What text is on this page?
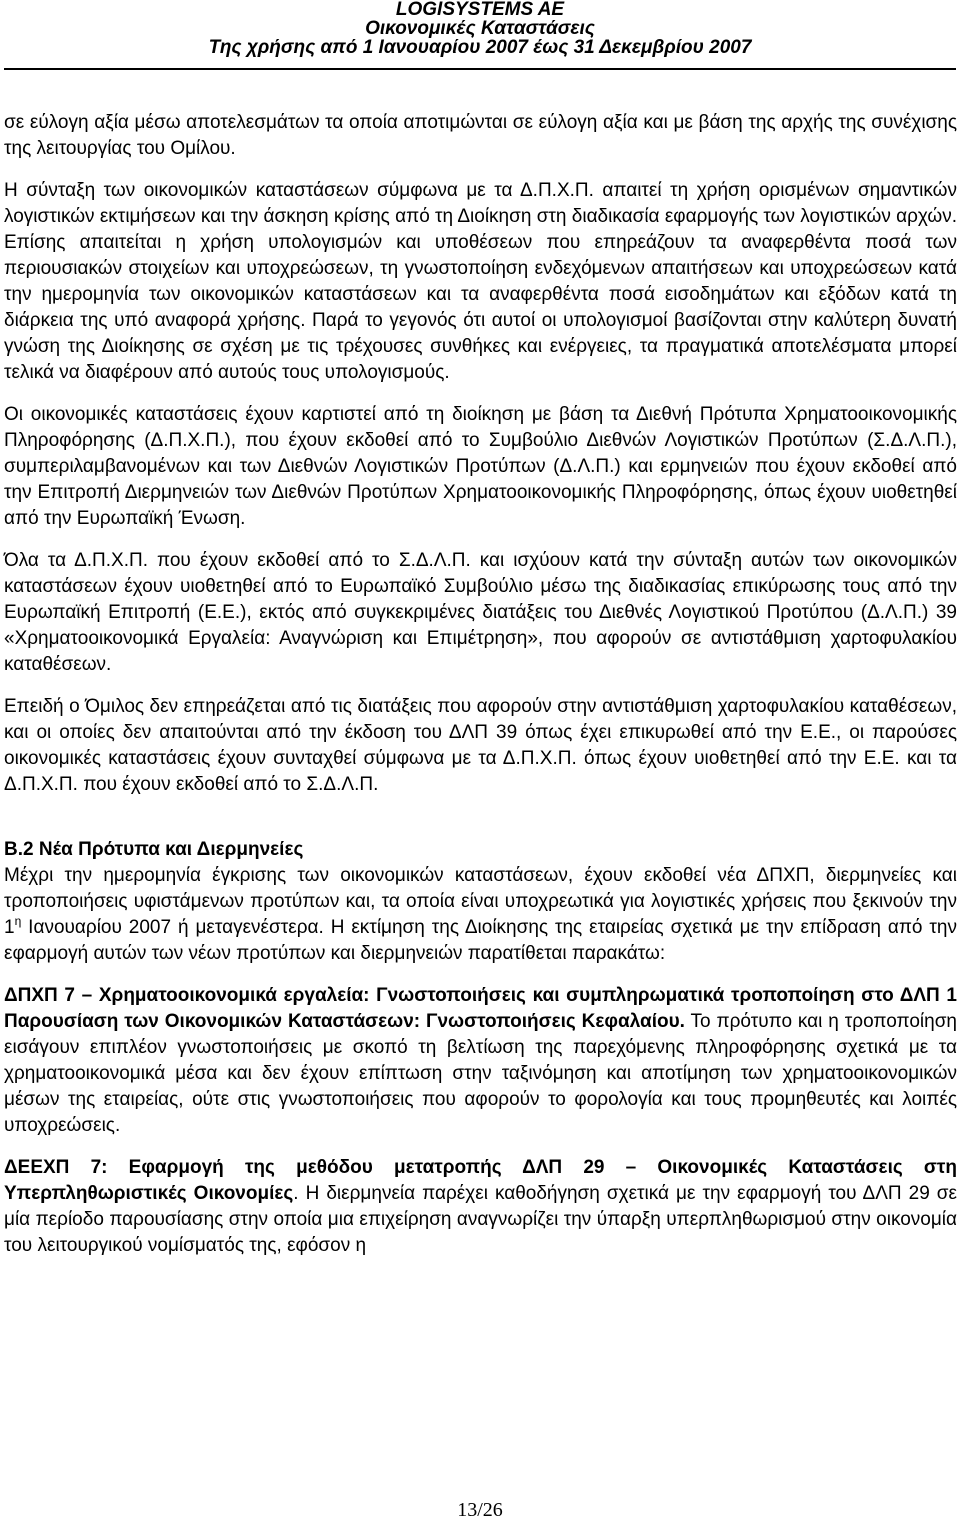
LOGISYSTEMS AE
Οικονομικές Καταστάσεις
Της χρήσης από 1 Ιανουαρίου 2007 έως 31 Δεκεμβρίου 2007

σε εύλογη αξία μέσω αποτελεσμάτων τα οποία αποτιμώνται σε εύλογη αξία και με βάση της αρχής της συνέχισης της λειτουργίας του Ομίλου.

Η σύνταξη των οικονομικών καταστάσεων σύμφωνα με τα Δ.Π.Χ.Π. απαιτεί τη χρήση ορισμένων σημαντικών λογιστικών εκτιμήσεων και την άσκηση κρίσης από τη Διοίκηση στη διαδικασία εφαρμογής των λογιστικών αρχών. Επίσης απαιτείται η χρήση υπολογισμών και υποθέσεων που επηρεάζουν τα αναφερθέντα ποσά των περιουσιακών στοιχείων και υποχρεώσεων, τη γνωστοποίηση ενδεχόμενων απαιτήσεων και υποχρεώσεων κατά την ημερομηνία των οικονομικών καταστάσεων και τα αναφερθέντα ποσά εισοδημάτων και εξόδων κατά τη διάρκεια της υπό αναφορά χρήσης. Παρά το γεγονός ότι αυτοί οι υπολογισμοί βασίζονται στην καλύτερη δυνατή γνώση της Διοίκησης σε σχέση με τις τρέχουσες συνθήκες και ενέργειες, τα πραγματικά αποτελέσματα μπορεί τελικά να διαφέρουν από αυτούς τους υπολογισμούς.

Οι οικονομικές καταστάσεις έχουν καρτιστεί από τη διοίκηση με βάση τα Διεθνή Πρότυπα Χρηματοοικονομικής Πληροφόρησης (Δ.Π.Χ.Π.), που έχουν εκδοθεί από το Συμβούλιο Διεθνών Λογιστικών Προτύπων (Σ.Δ.Λ.Π.), συμπεριλαμβανομένων και των Διεθνών Λογιστικών Προτύπων (Δ.Λ.Π.) και ερμηνειών που έχουν εκδοθεί από την Επιτροπή Διερμηνειών των Διεθνών Προτύπων Χρηματοοικονομικής Πληροφόρησης, όπως έχουν υιοθετηθεί από την Ευρωπαϊκή Ένωση.

Όλα τα Δ.Π.Χ.Π. που έχουν εκδοθεί από το Σ.Δ.Λ.Π. και ισχύουν κατά την σύνταξη αυτών των οικονομικών καταστάσεων έχουν υιοθετηθεί από το Ευρωπαϊκό Συμβούλιο μέσω της διαδικασίας επικύρωσης τους από την Ευρωπαϊκή Επιτροπή (Ε.Ε.), εκτός από συγκεκριμένες διατάξεις του Διεθνές Λογιστικού Προτύπου (Δ.Λ.Π.) 39 «Χρηματοοικονομικά Εργαλεία: Αναγνώριση και Επιμέτρηση», που αφορούν σε αντιστάθμιση χαρτοφυλακίου καταθέσεων.

Επειδή ο Όμιλος δεν επηρεάζεται από τις διατάξεις που αφορούν στην αντιστάθμιση χαρτοφυλακίου καταθέσεων, και οι οποίες δεν απαιτούνται από την έκδοση του ΔΛΠ 39 όπως έχει επικυρωθεί από την Ε.Ε., οι παρούσες οικονομικές καταστάσεις έχουν συνταχθεί σύμφωνα με τα Δ.Π.Χ.Π. όπως έχουν υιοθετηθεί από την Ε.Ε. και τα Δ.Π.Χ.Π. που έχουν εκδοθεί από το Σ.Δ.Λ.Π.

Β.2 Νέα Πρότυπα και Διερμηνείες

Μέχρι την ημερομηνία έγκρισης των οικονομικών καταστάσεων, έχουν εκδοθεί νέα ΔΠΧΠ, διερμηνείες και τροποποιήσεις υφιστάμενων προτύπων και, τα οποία είναι υποχρεωτικά για λογιστικές χρήσεις που ξεκινούν την $1^\eta$ Ιανουαρίου 2007 ή μεταγενέστερα. Η εκτίμηση της Διοίκησης της εταιρείας σχετικά με την επίδραση από την εφαρμογή αυτών των νέων προτύπων και διερμηνειών παρατίθεται παρακάτω:

ΔΠΧΠ 7 – Χρηματοοικονομικά εργαλεία: Γνωστοποιήσεις και συμπληρωματικά τροποποίηση στο ΔΛΠ 1 Παρουσίαση των Οικονομικών Καταστάσεων: Γνωστοποιήσεις Κεφαλαίου. Το πρότυπο και η τροποποίηση εισάγουν επιπλέον γνωστοποιήσεις με σκοπό τη βελτίωση της παρεχόμενης πληροφόρησης σχετικά με τα χρηματοοικονομικά μέσα και δεν έχουν επίπτωση στην ταξινόμηση και αποτίμηση των χρηματοοικονομικών μέσων της εταιρείας, ούτε στις γνωστοποιήσεις που αφορούν το φορολογία και τους προμηθευτές και λοιπές υποχρεώσεις.

ΔΕΕΧΠ 7: Εφαρμογή της μεθόδου μετατροπής ΔΛΠ 29 – Οικονομικές Καταστάσεις στη Υπερπληθωριστικές Οικονομίες. Η διερμηνεία παρέχει καθοδήγηση σχετικά με την εφαρμογή του ΔΛΠ 29 σε μία περίοδο παρουσίασης στην οποία μια επιχείρηση αναγνωρίζει την ύπαρξη υπερπληθωρισμού στην οικονομία του λειτουργικού νομίσματός της, εφόσον η

13/26
